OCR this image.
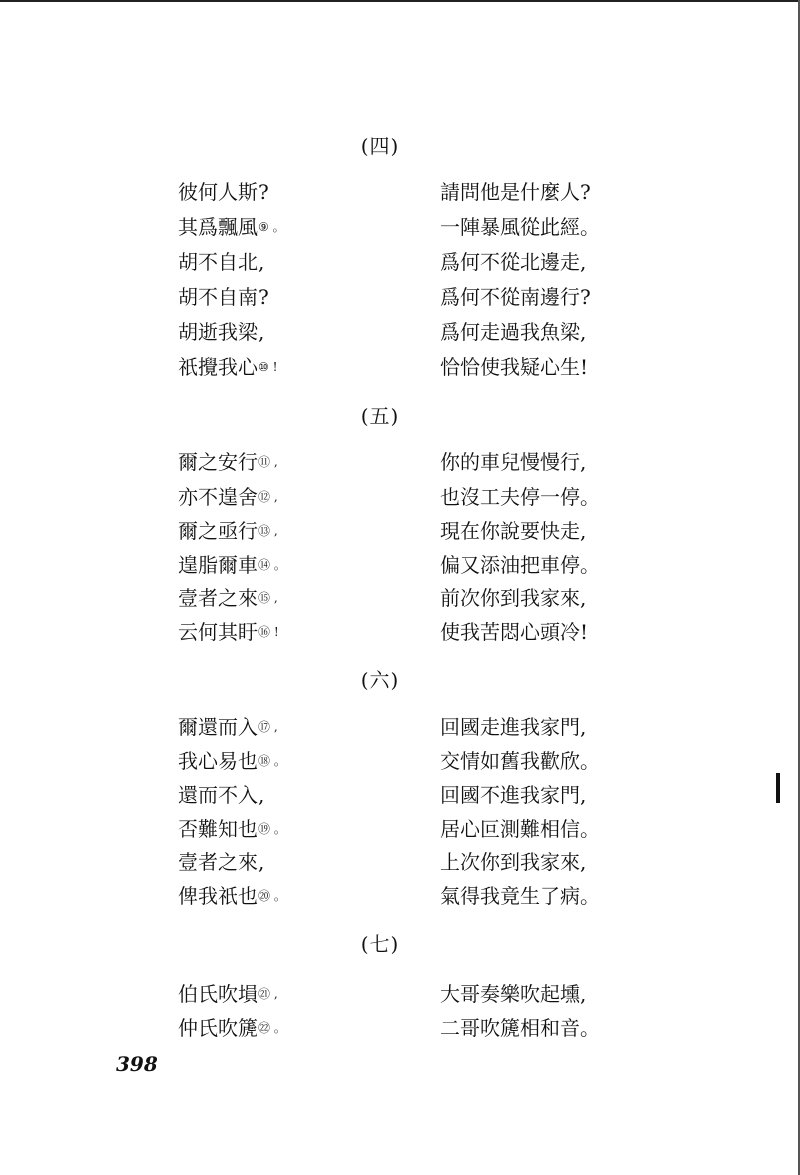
(四)
彼何人斯?	請問他是什麼人?
其爲飄風⑨ 。	一陣暴風從此經。
胡不自北,	爲何不從北邊走,
胡不自南?	爲何不從南邊行?
胡逝我梁,	爲何走過我魚梁,
祇攪我心⑩ !	恰恰使我疑心生!
(五)
爾之安行⑪ ,	你的車兒慢慢行,
亦不遑舍⑫ ,	也沒工夫停一停。
爾之亟行⑬ ,	現在你說要快走,
遑脂爾車⑭ 。	偏又添油把車停。
壹者之來⑮ ,	前次你到我家來,
云何其盱⑯ !	使我苦悶心頭冷!
(六)
爾還而入⑰ ,	回國走進我家門,
我心易也⑱ 。	交情如舊我歡欣。
還而不入,	回國不進我家門,
否難知也⑲ 。	居心叵測難相信。
壹者之來,	上次你到我家來,
俾我祇也⑳ 。	氣得我竟生了病。
(七)
伯氏吹塤㉑ ,	大哥奏樂吹起壎,
仲氏吹篪㉒ 。	二哥吹篪相和音。
398
